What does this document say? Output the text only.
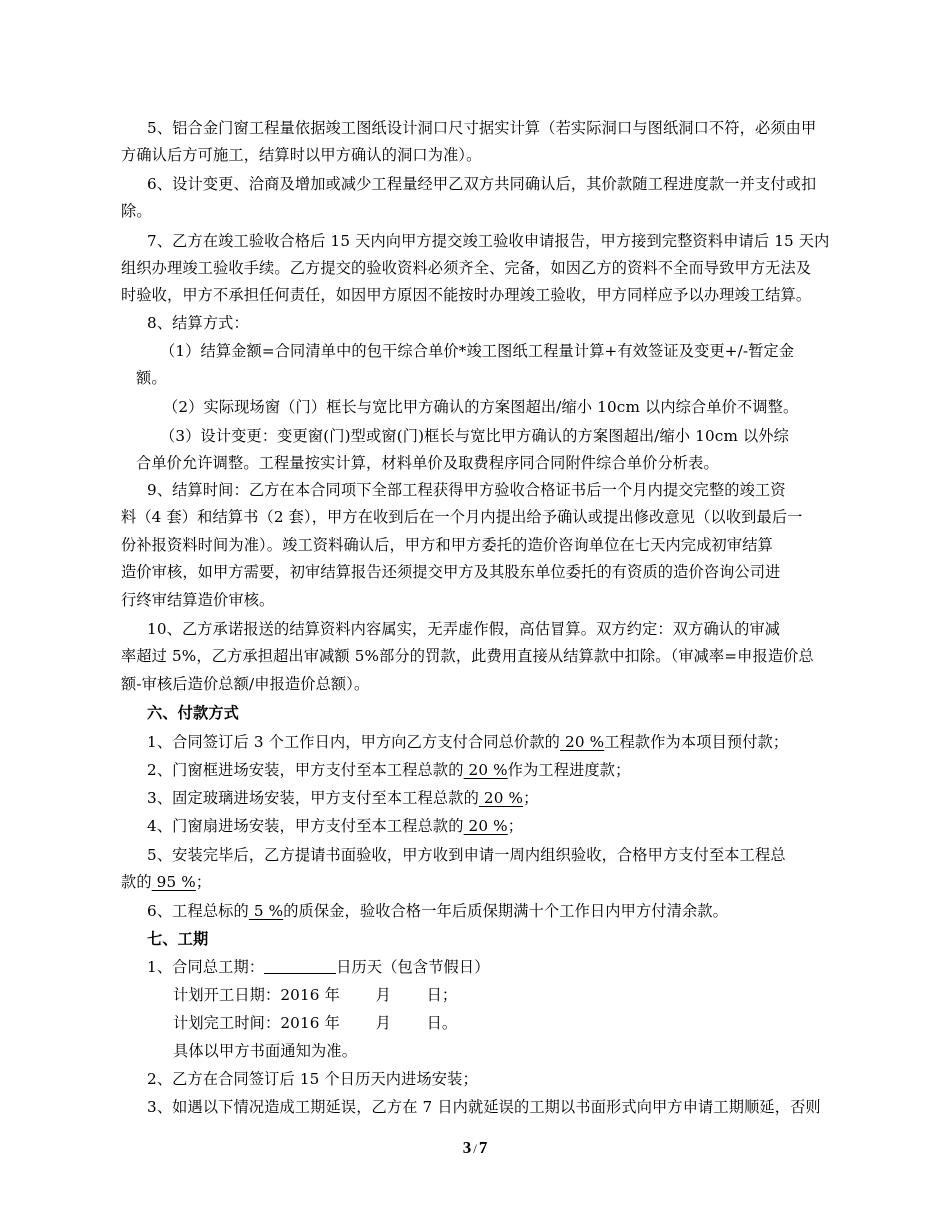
5、铝合金门窗工程量依据竣工图纸设计洞口尺寸据实计算（若实际洞口与图纸洞口不符，必须由甲
方确认后方可施工，结算时以甲方确认的洞口为准）。
6、设计变更、洽商及增加或减少工程量经甲乙双方共同确认后，其价款随工程进度款一并支付或扣
除。
7、乙方在竣工验收合格后 15 天内向甲方提交竣工验收申请报告，甲方接到完整资料申请后 15 天内
组织办理竣工验收手续。乙方提交的验收资料必须齐全、完备，如因乙方的资料不全而导致甲方无法及
时验收，甲方不承担任何责任，如因甲方原因不能按时办理竣工验收，甲方同样应予以办理竣工结算。
8、结算方式：
（1）结算金额=合同清单中的包干综合单价*竣工图纸工程量计算+有效签证及变更+/-暂定金
额。
（2）实际现场窗（门）框长与宽比甲方确认的方案图超出/缩小 10cm 以内综合单价不调整。
（3）设计变更：变更窗(门)型或窗(门)框长与宽比甲方确认的方案图超出/缩小 10cm 以外综
合单价允许调整。工程量按实计算，材料单价及取费程序同合同附件综合单价分析表。
9、结算时间：乙方在本合同项下全部工程获得甲方验收合格证书后一个月内提交完整的竣工资
料（4 套）和结算书（2 套），甲方在收到后在一个月内提出给予确认或提出修改意见（以收到最后一
份补报资料时间为准）。竣工资料确认后，甲方和甲方委托的造价咨询单位在七天内完成初审结算
造价审核，如甲方需要，初审结算报告还须提交甲方及其股东单位委托的有资质的造价咨询公司进
行终审结算造价审核。
10、乙方承诺报送的结算资料内容属实，无弄虚作假，高估冒算。双方约定：双方确认的审减
率超过 5%，乙方承担超出审减额 5%部分的罚款，此费用直接从结算款中扣除。（审减率=申报造价总
额-审核后造价总额/申报造价总额）。
六、付款方式
1、合同签订后 3 个工作日内，甲方向乙方支付合同总价款的 20 %工程款作为本项目预付款；
2、门窗框进场安装，甲方支付至本工程总款的 20 %作为工程进度款；
3、固定玻璃进场安装，甲方支付至本工程总款的 20 %；
4、门窗扇进场安装，甲方支付至本工程总款的 20 %；
5、安装完毕后，乙方提请书面验收，甲方收到申请一周内组织验收，合格甲方支付至本工程总
款的 95 %；
6、工程总标的 5 %的质保金，验收合格一年后质保期满十个工作日内甲方付清余款。
七、工期
1、合同总工期：	日历天（包含节假日）
计划开工日期：2016 年　　 月　　 日；
计划完工时间：2016 年　　 月　　 日。
具体以甲方书面通知为准。
2、乙方在合同签订后 15 个日历天内进场安装；
3、如遇以下情况造成工期延误，乙方在 7 日内就延误的工期以书面形式向甲方申请工期顺延，否则
3 / 7
